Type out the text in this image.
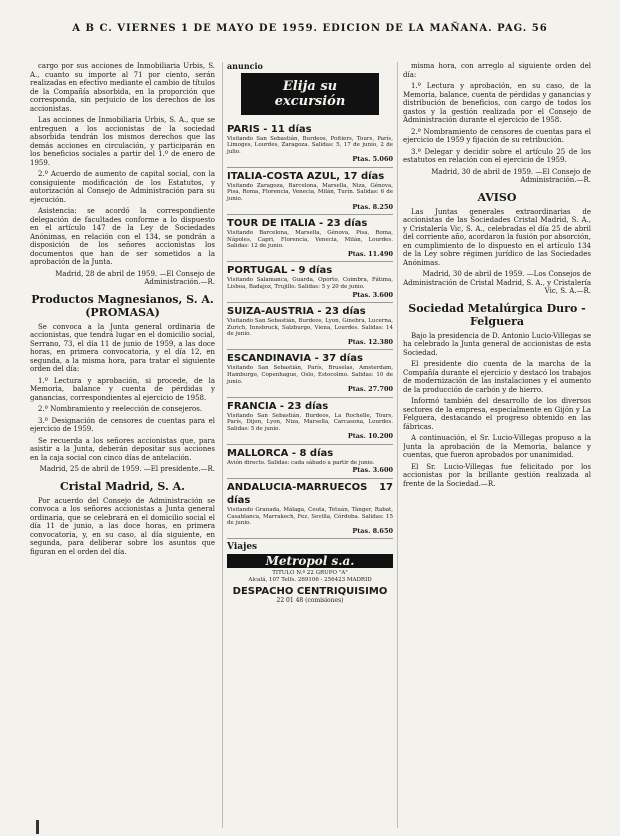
A B C. VIERNES 1 DE MAYO DE 1959. EDICION DE LA MAÑANA. PAG. 56

cargo por sus acciones de Inmobiliaria Urbis, S. A., cuanto su importe al 71 por ciento, serán realizadas en efectivo mediante el cambio de títulos de la Compañía absorbida, en la proporción que corresponda, sin perjuicio de los derechos de los accionistas.

Las acciones de Inmobiliaria Urbis, S. A., que se entreguen a los accionistas de la sociedad absorbida tendrán los mismos derechos que las demás acciones en circulación, y participarán en los beneficios sociales a partir del 1.º de enero de 1959.

2.º Acuerdo de aumento de capital social, con la consiguiente modificación de los Estatutos, y autorización al Consejo de Administración para su ejecución.

Asistencia: se acordó la correspondiente delegación de facultades conforme a lo dispuesto en el artículo 147 de la Ley de Sociedades Anónimas, en relación con el 134, se pondrán a disposición de los señores accionistas los documentos que han de ser sometidos a la aprobación de la Junta.

Madrid, 28 de abril de 1959. —El Consejo de Administración.—R.

Productos Magnesianos, S. A. (PROMASA)

Se convoca a la Junta general ordinaria de accionistas, que tendrá lugar en el domicilio social, Serrano, 73, el día 11 de junio de 1959, a las doce horas, en primera convocatoria, y el día 12, en segunda, a la misma hora, para tratar el siguiente orden del día:

1.º Lectura y aprobación, si procede, de la Memoria, balance y cuenta de pérdidas y ganancias, correspondientes al ejercicio de 1958.

2.º Nombramiento y reelección de consejeros.

3.º Designación de censores de cuentas para el ejercicio de 1959.

Se recuerda a los señores accionistas que, para asistir a la Junta, deberán depositar sus acciones en la caja social con cinco días de antelación.

Madrid, 25 de abril de 1959. —El presidente.—R.

Cristal Madrid, S. A.

Por acuerdo del Consejo de Administración se convoca a los señores accionistas a Junta general ordinaria, que se celebrará en el domicilio social el día 11 de junio, a las doce horas, en primera convocatoria, y, en su caso, al día siguiente, en segunda, para deliberar sobre los asuntos que figuran en el orden del día.

anuncio
Elija su
excursión
PARIS - 11 días
Visitando San Sebastián, Burdeos, Poitiers, Tours, París, Limoges, Lourdes, Zaragoza. Salidas: 5, 17 de junio, 2 de julio.
Ptas. 5.060
ITALIA-COSTA AZUL, 17 días
Visitando Zaragoza, Barcelona, Marsella, Niza, Génova, Pisa, Roma, Florencia, Venecia, Milán, Turín. Salidas: 6 de junio.
Ptas. 8.250
TOUR DE ITALIA - 23 días
Visitando Barcelona, Marsella, Génova, Pisa, Roma, Nápoles, Capri, Florencia, Venecia, Milán, Lourdes. Salidas: 12 de junio.
Ptas. 11.490
PORTUGAL - 9 días
Visitando Salamanca, Guarda, Oporto, Coimbra, Fátima, Lisboa, Badajoz, Trujillo. Salidas: 5 y 20 de junio.
Ptas. 3.600
SUIZA-AUSTRIA - 23 días
Visitando San Sebastián, Burdeos, Lyon, Ginebra, Lucerna, Zurich, Innsbruck, Salzburgo, Viena, Lourdes. Salidas: 14 de junio.
Ptas. 12.380
ESCANDINAVIA - 37 días
Visitando San Sebastián, París, Bruselas, Amsterdam, Hamburgo, Copenhague, Oslo, Estocolmo. Salidas: 10 de junio.
Ptas. 27.700
FRANCIA - 23 días
Visitando San Sebastián, Burdeos, La Rochelle, Tours, París, Dijon, Lyon, Niza, Marsella, Carcasona, Lourdes. Salidas: 5 de junio.
Ptas. 10.200
MALLORCA - 8 días
Avión directo. Salidas: cada sábado a partir de junio.
Ptas. 3.600
ANDALUCIA-MARRUECOS 17 días
Visitando Granada, Málaga, Ceuta, Tetuán, Tánger, Rabat, Casablanca, Marrakech, Fez, Sevilla, Córdoba. Salidas: 15 de junio.
Ptas. 8.650
Viajes
Metropol s.a.
TITULO N.º 22 GRUPO "A"
Alcalá, 107 Telfs. 269106 - 256423 MADRID
DESPACHO CENTRIQUISIMO
22 01 48 (comisiones)

misma hora, con arreglo al siguiente orden del día:

1.º Lectura y aprobación, en su caso, de la Memoria, balance, cuenta de pérdidas y ganancias y distribución de beneficios, con cargo de todos los gastos y la gestión realizada por el Consejo de Administración durante el ejercicio de 1958.

2.º Nombramiento de censores de cuentas para el ejercicio de 1959 y fijación de su retribución.

3.º Delegar y decidir sobre el artículo 25 de los estatutos en relación con el ejercicio de 1959.

Madrid, 30 de abril de 1959. —El Consejo de Administración.—R.

AVISO

Las Juntas generales extraordinarias de accionistas de las Sociedades Cristal Madrid, S. A., y Cristalería Vic, S. A., celebradas el día 25 de abril del corriente año, acordaron la fusión por absorción, en cumplimiento de lo dispuesto en el artículo 134 de la Ley sobre régimen jurídico de las Sociedades Anónimas.

Madrid, 30 de abril de 1959. —Los Consejos de Administración de Cristal Madrid, S. A., y Cristalería Vic, S. A.—R.

Sociedad Metalúrgica Duro - Felguera

Bajo la presidencia de D. Antonio Lucio-Villegas se ha celebrado la Junta general de accionistas de esta Sociedad.

El presidente dio cuenta de la marcha de la Compañía durante el ejercicio y destacó los trabajos de modernización de las instalaciones y el aumento de la producción de carbón y de hierro.

Informó también del desarrollo de los diversos sectores de la empresa, especialmente en Gijón y La Felguera, destacando el progreso obtenido en las fábricas.

A continuación, el Sr. Lucio-Villegas propuso a la Junta la aprobación de la Memoria, balance y cuentas, que fueron aprobados por unanimidad.

El Sr. Lucio-Villegas fue felicitado por los accionistas por la brillante gestión realizada al frente de la Sociedad.—R.
